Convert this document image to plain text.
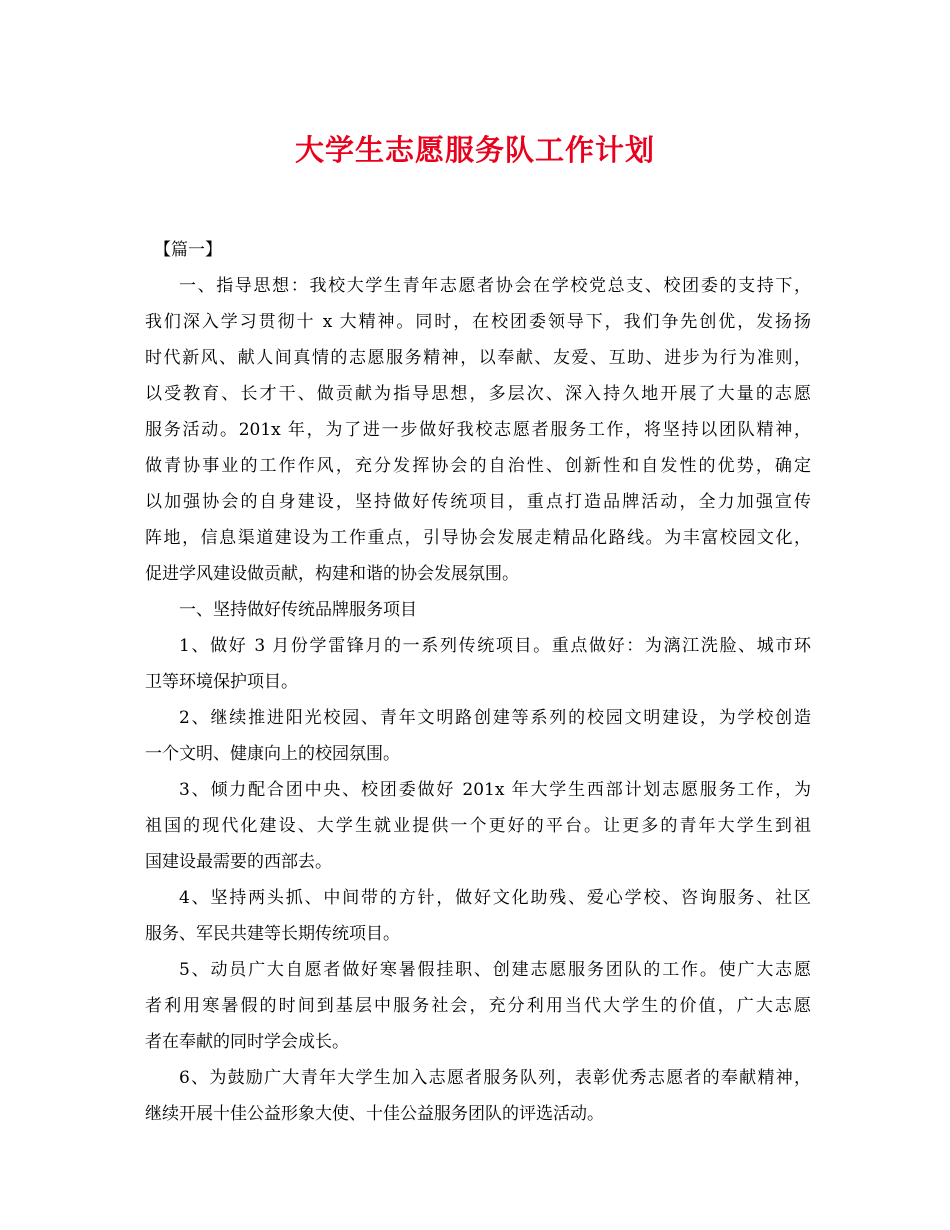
大学生志愿服务队工作计划
【篇一】
一、指导思想：我校大学生青年志愿者协会在学校党总支、校团委的支持下，
我们深入学习贯彻十 x 大精神。同时，在校团委领导下，我们争先创优，发扬扬
时代新风、献人间真情的志愿服务精神，以奉献、友爱、互助、进步为行为准则，
以受教育、长才干、做贡献为指导思想，多层次、深入持久地开展了大量的志愿
服务活动。201x 年，为了进一步做好我校志愿者服务工作，将坚持以团队精神，
做青协事业的工作作风，充分发挥协会的自治性、创新性和自发性的优势，确定
以加强协会的自身建设，坚持做好传统项目，重点打造品牌活动，全力加强宣传
阵地，信息渠道建设为工作重点，引导协会发展走精品化路线。为丰富校园文化，
促进学风建设做贡献，构建和谐的协会发展氛围。
一、坚持做好传统品牌服务项目
1、做好 3 月份学雷锋月的一系列传统项目。重点做好：为漓江洗脸、城市环
卫等环境保护项目。
2、继续推进阳光校园、青年文明路创建等系列的校园文明建设，为学校创造
一个文明、健康向上的校园氛围。
3、倾力配合团中央、校团委做好 201x 年大学生西部计划志愿服务工作，为
祖国的现代化建设、大学生就业提供一个更好的平台。让更多的青年大学生到祖
国建设最需要的西部去。
4、坚持两头抓、中间带的方针，做好文化助残、爱心学校、咨询服务、社区
服务、军民共建等长期传统项目。
5、动员广大自愿者做好寒暑假挂职、创建志愿服务团队的工作。使广大志愿
者利用寒暑假的时间到基层中服务社会，充分利用当代大学生的价值，广大志愿
者在奉献的同时学会成长。
6、为鼓励广大青年大学生加入志愿者服务队列，表彰优秀志愿者的奉献精神，
继续开展十佳公益形象大使、十佳公益服务团队的评选活动。
